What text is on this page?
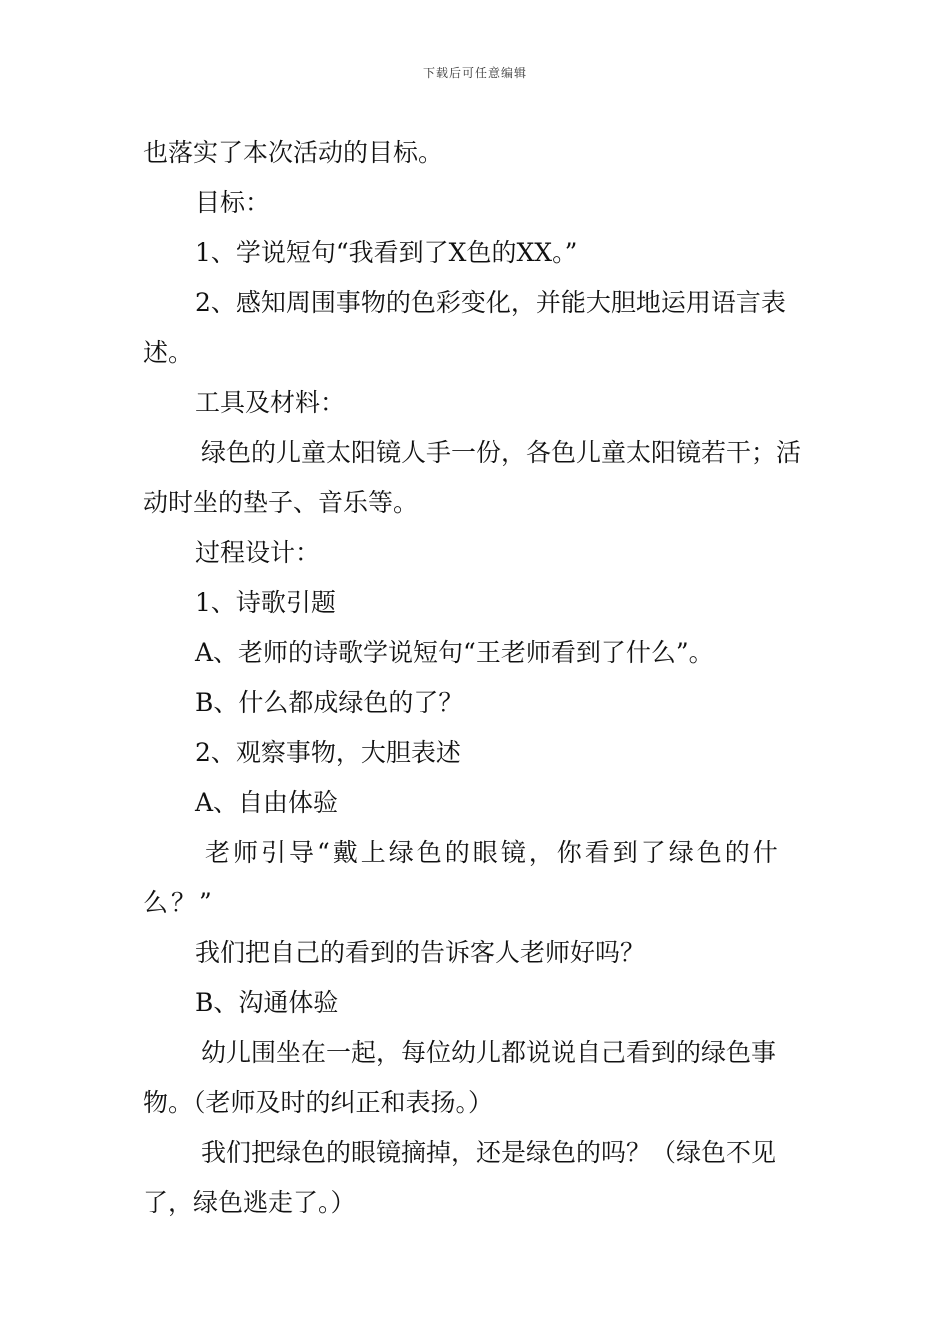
下载后可任意编辑

也落实了本次活动的目标。

目标：

1、学说短句“我看到了X色的XX。”

2、感知周围事物的色彩变化，并能大胆地运用语言表述。

工具及材料：

绿色的儿童太阳镜人手一份，各色儿童太阳镜若干；活动时坐的垫子、音乐等。

过程设计：

1、诗歌引题

A、老师的诗歌学说短句“王老师看到了什么”。

B、什么都成绿色的了？

2、观察事物，大胆表述

A、自由体验

老师引导“戴上绿色的眼镜，你看到了绿色的什么？”

我们把自己的看到的告诉客人老师好吗？

B、沟通体验

幼儿围坐在一起，每位幼儿都说说自己看到的绿色事物。（老师及时的纠正和表扬。）

我们把绿色的眼镜摘掉，还是绿色的吗？（绿色不见了，绿色逃走了。）
